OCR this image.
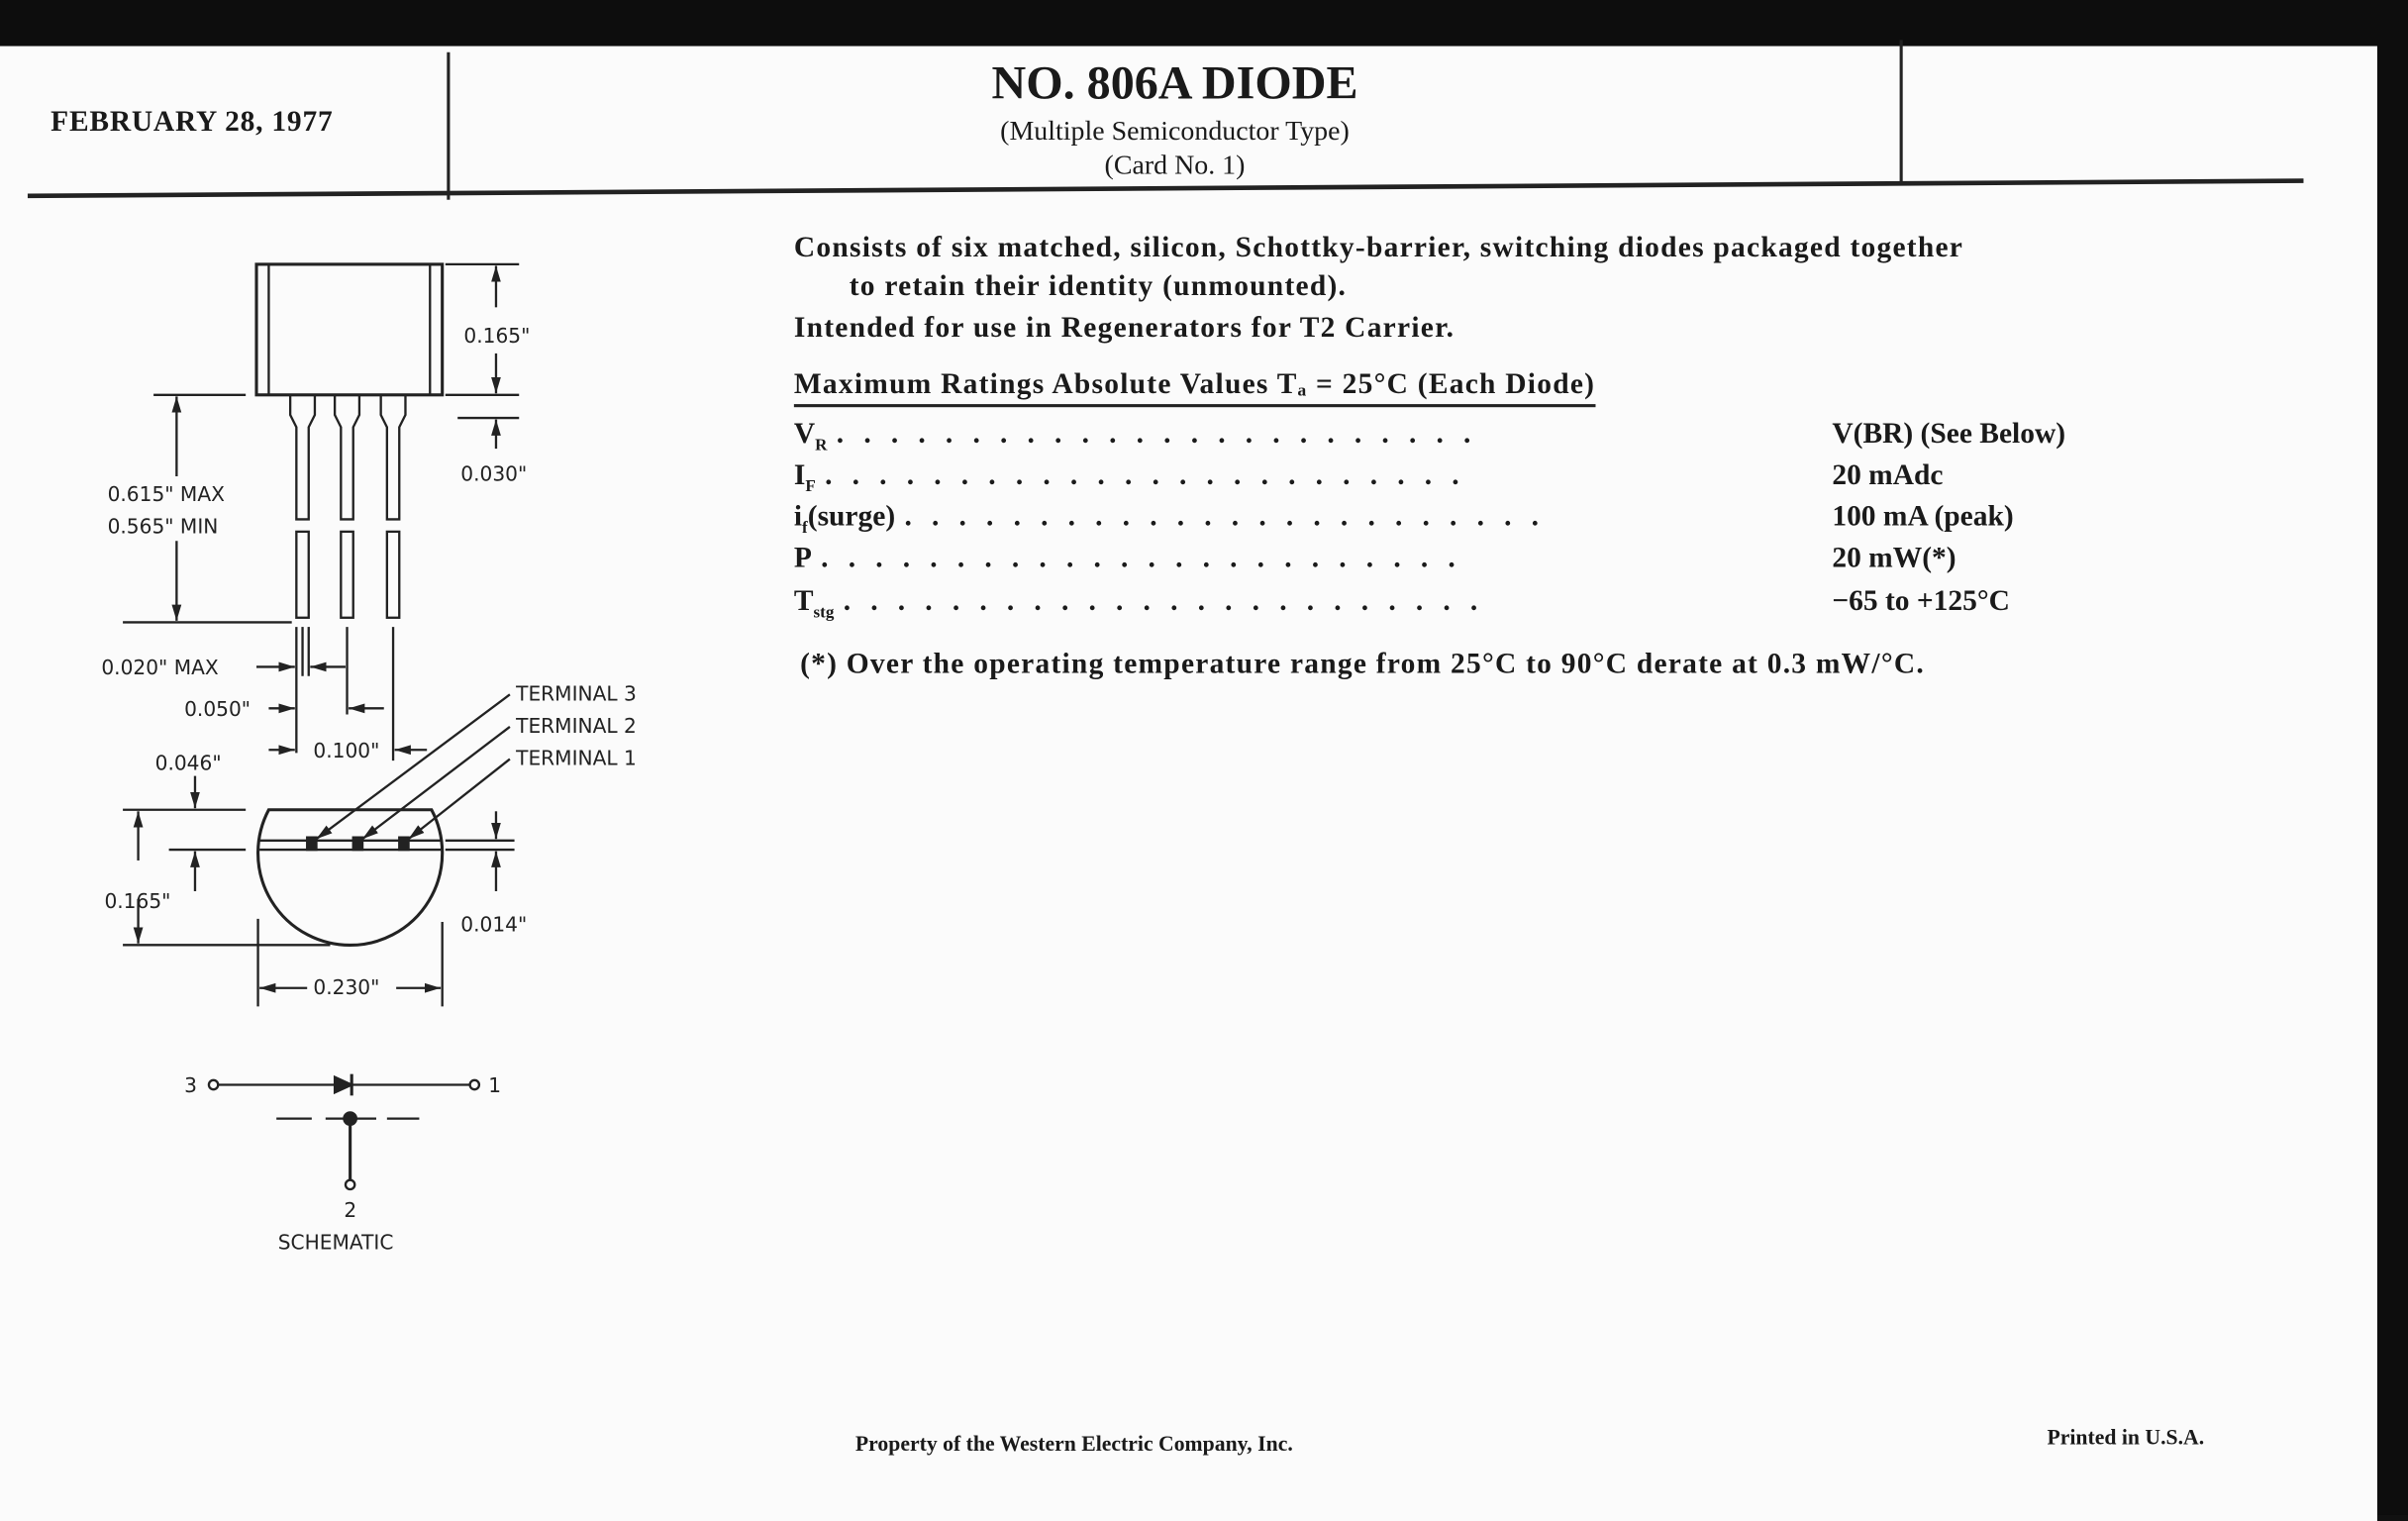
FEBRUARY 28, 1977
NO. 806A DIODE
(Multiple Semiconductor Type)
(Card No. 1)
Consists of six matched, silicon, Schottky-barrier, switching diodes packaged together
to retain their identity (unmounted).
Intended for use in Regenerators for T2 Carrier.
Maximum Ratings Absolute Values Tₐ = 25°C (Each Diode)
$V_R$ ........................	V(BR) (See Below)
$I_F$ ........................	20 mAdc
$i_f(surge)$ ........................	100 mA (peak)
P ........................	20 mW(*)
$T_{stg}$ ........................	−65 to +125°C
(*) Over the operating temperature range from 25°C to 90°C derate at 0.3 mW/°C.
Property of the Western Electric Company, Inc.	Printed in U.S.A.
0.165"
0.030"
0.615" MAX
0.565" MIN
0.020" MAX
0.050"
0.100"
0.046"
0.165"
0.014"
0.230"
TERMINAL 3
TERMINAL 2
TERMINAL 1
3	1
2
SCHEMATIC
